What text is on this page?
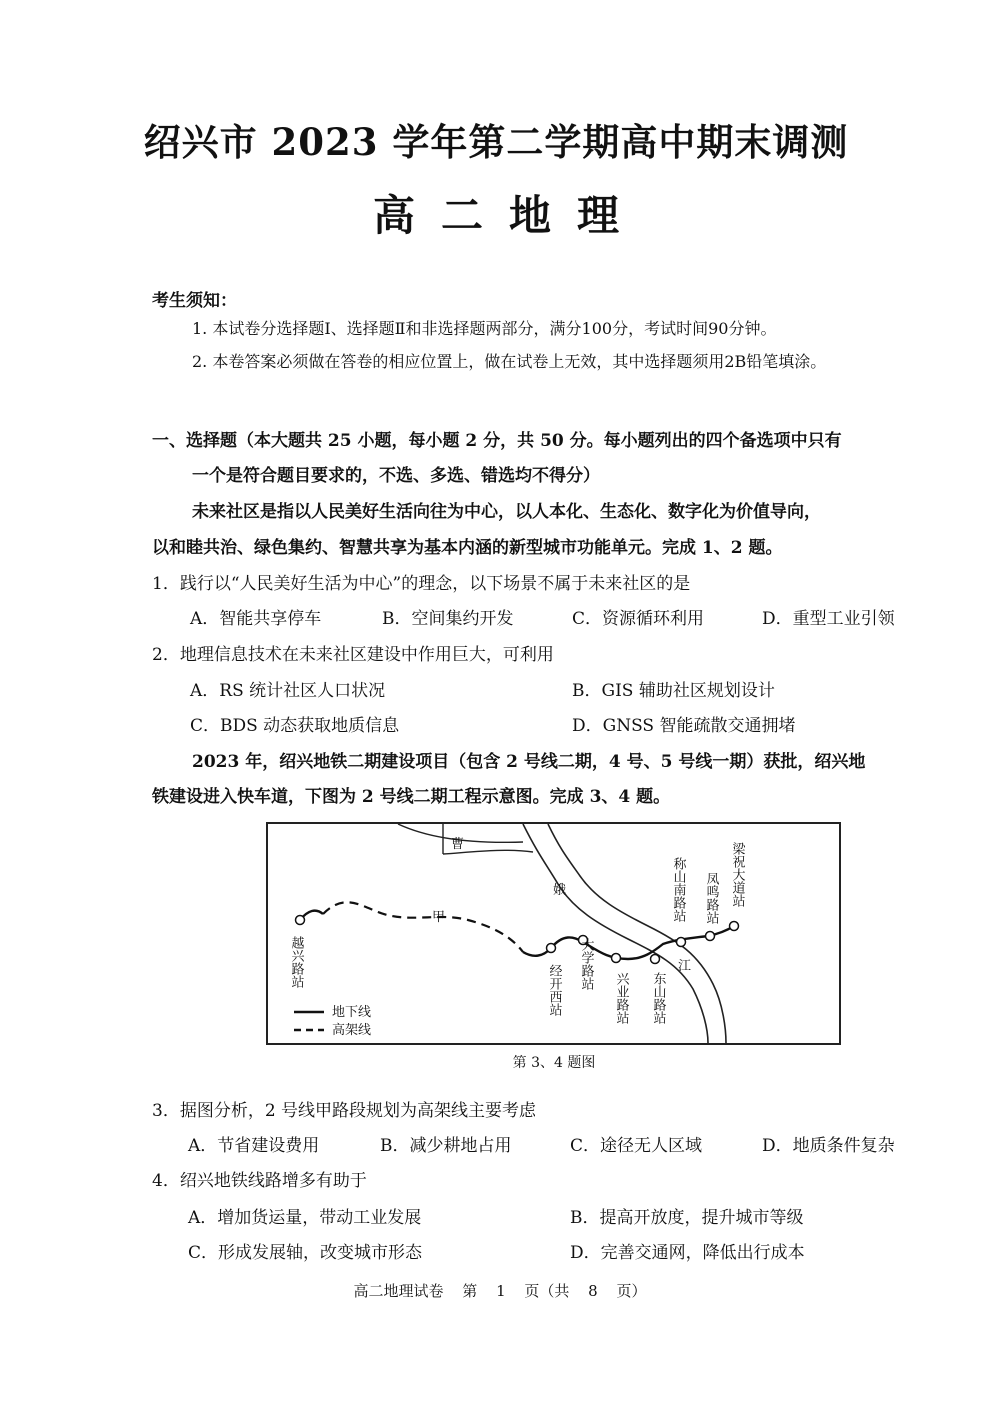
绍兴市 2023 学年第二学期高中期末调测
高二地理
考生须知：
1. 本试卷分选择题Ⅰ、选择题Ⅱ和非选择题两部分，满分100分，考试时间90分钟。
2. 本卷答案必须做在答卷的相应位置上，做在试卷上无效，其中选择题须用2B铅笔填涂。
一、选择题（本大题共 25 小题，每小题 2 分，共 50 分。每小题列出的四个备选项中只有
一个是符合题目要求的，不选、多选、错选均不得分）
未来社区是指以人民美好生活向往为中心，以人本化、生态化、数字化为价值导向，
以和睦共治、绿色集约、智慧共享为基本内涵的新型城市功能单元。完成 1、2 题。
1．践行以“人民美好生活为中心”的理念，以下场景不属于未来社区的是
A．智能共享停车	B．空间集约开发	C．资源循环利用	D．重型工业引领
2．地理信息技术在未来社区建设中作用巨大，可利用
A．RS 统计社区人口状况	B．GIS 辅助社区规划设计
C．BDS 动态获取地质信息	D．GNSS 智能疏散交通拥堵
2023 年，绍兴地铁二期建设项目（包含 2 号线二期，4 号、5 号线一期）获批，绍兴地
铁建设进入快车道，下图为 2 号线二期工程示意图。完成 3、4 题。
曹
娥
江
甲
越兴路站
经开西站 大学路站
兴业路站 东山路站
称山南路站 凤鸣路站 梁祝大道站
地下线
高架线
第 3、4 题图
3．据图分析，2 号线甲路段规划为高架线主要考虑
A．节省建设费用	B．减少耕地占用	C．途径无人区域	D．地质条件复杂
4．绍兴地铁线路增多有助于
A．增加货运量，带动工业发展	B．提高开放度，提升城市等级
C．形成发展轴，改变城市形态	D．完善交通网，降低出行成本
高二地理试卷 第 1 页（共 8 页）
